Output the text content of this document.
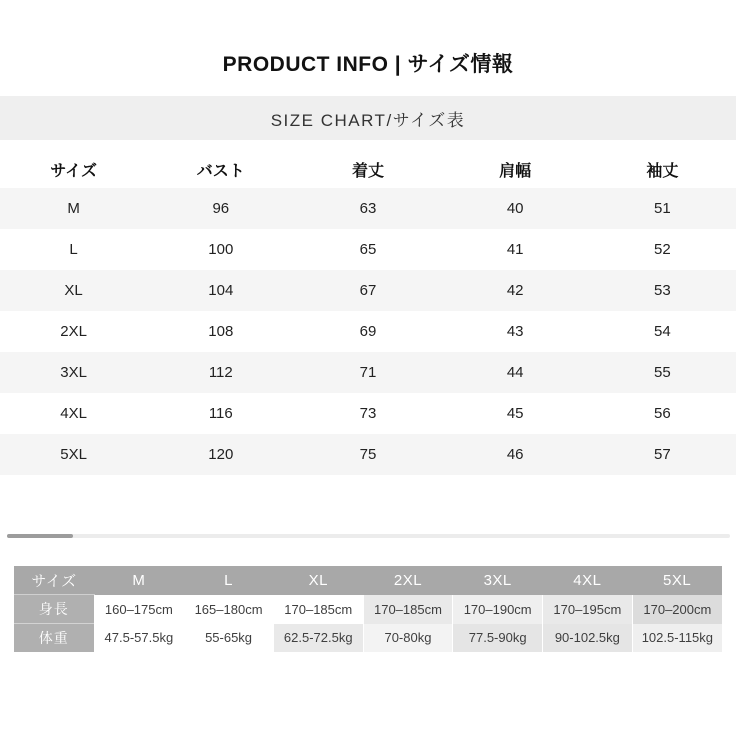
PRODUCT INFO | サイズ情報
SIZE CHART/サイズ表
サイズ	バスト	着丈	肩幅	袖丈
M	96	63	40	51
L	100	65	41	52
XL	104	67	42	53
2XL	108	69	43	54
3XL	112	71	44	55
4XL	116	73	45	56
5XL	120	75	46	57
サイズ	M	L	XL	2XL	3XL	4XL	5XL
身長	160–175cm	165–180cm	170–185cm	170–185cm	170–190cm	170–195cm	170–200cm
体重	47.5-57.5kg	55-65kg	62.5-72.5kg	70-80kg	77.5-90kg	90-102.5kg	102.5-115kg
